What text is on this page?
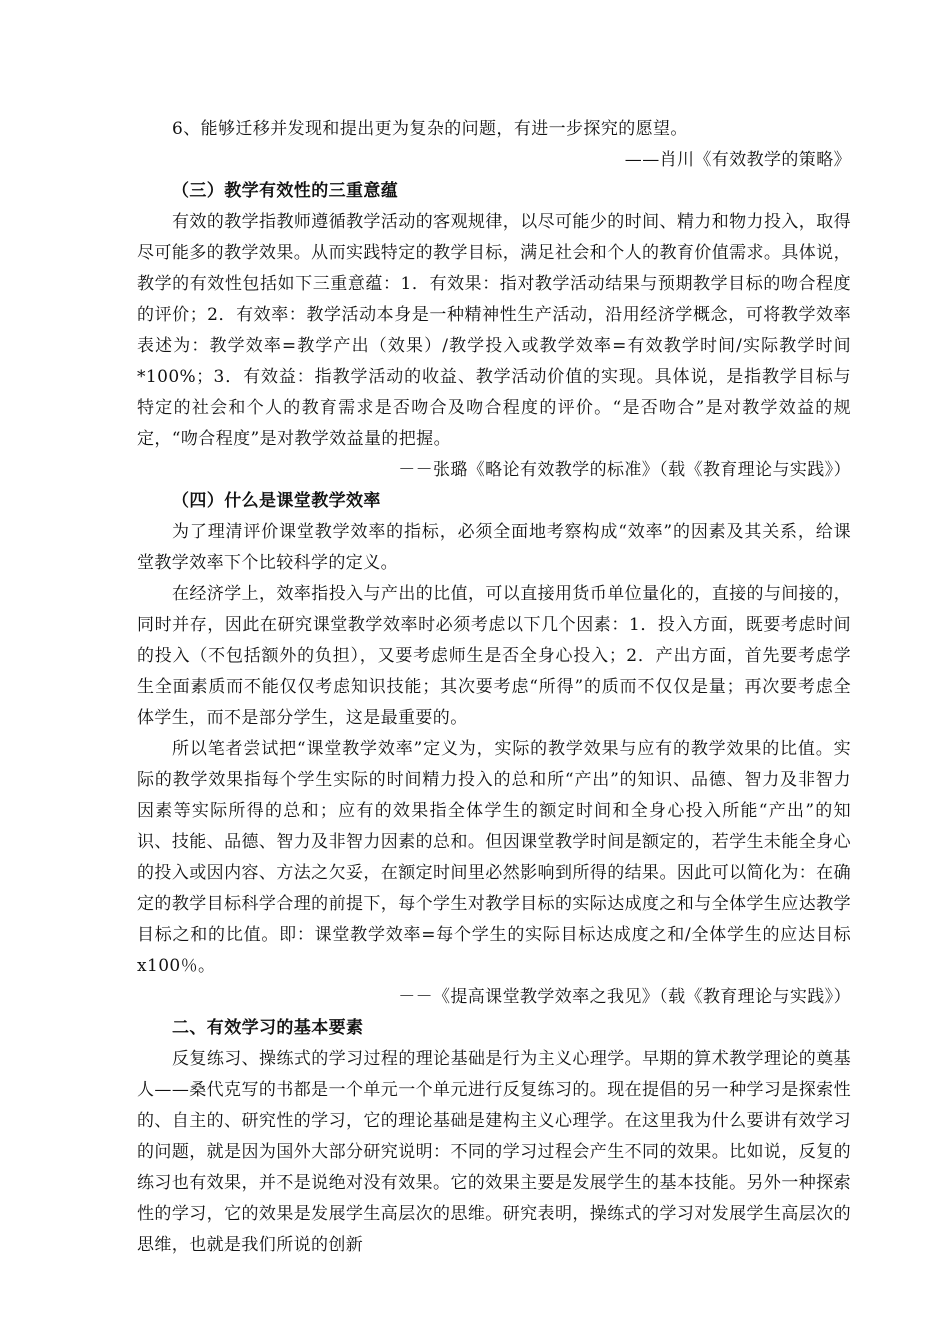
6、能够迁移并发现和提出更为复杂的问题，有进一步探究的愿望。

——肖川《有效教学的策略》

（三）教学有效性的三重意蕴

有效的教学指教师遵循教学活动的客观规律，以尽可能少的时间、精力和物力投入，取得尽可能多的教学效果。从而实践特定的教学目标，满足社会和个人的教育价值需求。具体说，教学的有效性包括如下三重意蕴：1．有效果：指对教学活动结果与预期教学目标的吻合程度的评价；2．有效率：教学活动本身是一种精神性生产活动，沿用经济学概念，可将教学效率表述为：教学效率=教学产出（效果）/教学投入或教学效率=有效教学时间/实际教学时间*100%；3．有效益：指教学活动的收益、教学活动价值的实现。具体说，是指教学目标与特定的社会和个人的教育需求是否吻合及吻合程度的评价。“是否吻合”是对教学效益的规定，“吻合程度”是对教学效益量的把握。

－－张璐《略论有效教学的标准》（载《教育理论与实践》）

（四）什么是课堂教学效率

为了理清评价课堂教学效率的指标，必须全面地考察构成“效率”的因素及其关系，给课堂教学效率下个比较科学的定义。

在经济学上，效率指投入与产出的比值，可以直接用货币单位量化的，直接的与间接的，同时并存，因此在研究课堂教学效率时必须考虑以下几个因素：1．投入方面，既要考虑时间的投入（不包括额外的负担），又要考虑师生是否全身心投入；2．产出方面，首先要考虑学生全面素质而不能仅仅考虑知识技能；其次要考虑“所得”的质而不仅仅是量；再次要考虑全体学生，而不是部分学生，这是最重要的。

所以笔者尝试把“课堂教学效率”定义为，实际的教学效果与应有的教学效果的比值。实际的教学效果指每个学生实际的时间精力投入的总和所“产出”的知识、品德、智力及非智力因素等实际所得的总和；应有的效果指全体学生的额定时间和全身心投入所能“产出”的知识、技能、品德、智力及非智力因素的总和。但因课堂教学时间是额定的，若学生未能全身心的投入或因内容、方法之欠妥，在额定时间里必然影响到所得的结果。因此可以简化为：在确定的教学目标科学合理的前提下，每个学生对教学目标的实际达成度之和与全体学生应达教学目标之和的比值。即：课堂教学效率=每个学生的实际目标达成度之和/全体学生的应达目标 x100％。

－－《提高课堂教学效率之我见》（载《教育理论与实践》）

二、有效学习的基本要素

反复练习、操练式的学习过程的理论基础是行为主义心理学。早期的算术教学理论的奠基人——桑代克写的书都是一个单元一个单元进行反复练习的。现在提倡的另一种学习是探索性的、自主的、研究性的学习，它的理论基础是建构主义心理学。在这里我为什么要讲有效学习的问题，就是因为国外大部分研究说明：不同的学习过程会产生不同的效果。比如说，反复的练习也有效果，并不是说绝对没有效果。它的效果主要是发展学生的基本技能。另外一种探索性的学习，它的效果是发展学生高层次的思维。研究表明，操练式的学习对发展学生高层次的思维，也就是我们所说的创新
